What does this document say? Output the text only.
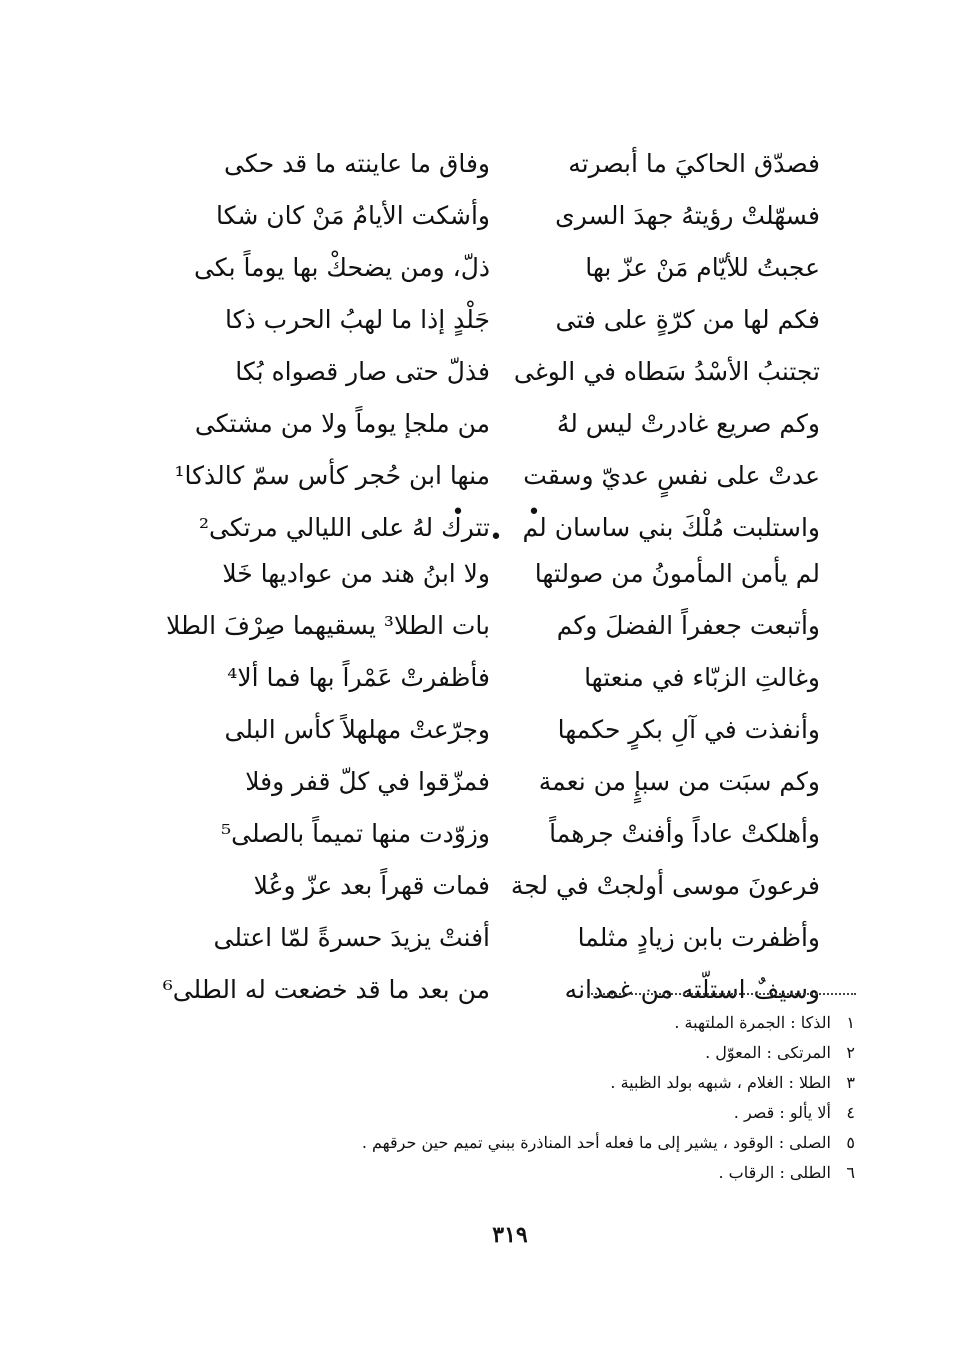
فصدّق الحاكيَ ما أبصرته
وفاق ما عاينته ما قد حكى
فسهّلتْ رؤيتهُ جهدَ السرى
وأشكت الأيامُ مَنْ كان شكا
عجبتُ للأيّام مَنْ عزّ بها
ذلّ، ومن يضحكْ بها يوماً بكى
فكم لها من كرّةٍ على فتى
جَلْدٍ إذا ما لهبُ الحرب ذكا
تجتنبُ الأسْدُ سَطاه في الوغى
فذلّ حتى صار قصواه بُكا
وكم صريع غادرتْ ليس لهُ
من ملجإ يوماً ولا من مشتكى
عدتْ على نفسٍ عديّ وسقت
منها ابن حُجر كأس سمّ كالذكا¹
واستلبت مُلْكَ بني ساسان لم
تترك لهُ على الليالي مرتكى²
• • •
لم يأمن المأمونُ من صولتها
ولا ابنُ هند من عواديها خَلا
وأتبعت جعفراً الفضلَ وكم
بات الطلا³ يسقيهما صِرْفَ الطلا
وغالتِ الزبّاء في منعتها
فأظفرتْ عَمْراً بها فما ألا⁴
وأنفذت في آلِ بكرٍ حكمها
وجرّعتْ مهلهلاً كأس البلى
وكم سبَت من سبإٍ من نعمة
فمزّقوا في كلّ قفر وفلا
وأهلكتْ عاداً وأفنتْ جرهماً
وزوّدت منها تميماً بالصلى⁵
فرعونَ موسى أولجتْ في لجة
فمات قهراً بعد عزّ وعُلا
وأظفرت بابن زيادٍ مثلما
أفنتْ يزيدَ حسرةً لمّا اعتلى
وسيفٌ استلّته من غمدانه
من بعد ما قد خضعت له الطلى⁶
١الذكا : الجمرة الملتهبة .
٢المرتكى : المعوّل .
٣الطلا : الغلام ، شبهه بولد الظبية .
٤ألا يألو : قصر .
٥الصلى : الوقود ، يشير إلى ما فعله أحد المناذرة ببني تميم حين حرقهم .
٦الطلى : الرقاب .
٣١٩
